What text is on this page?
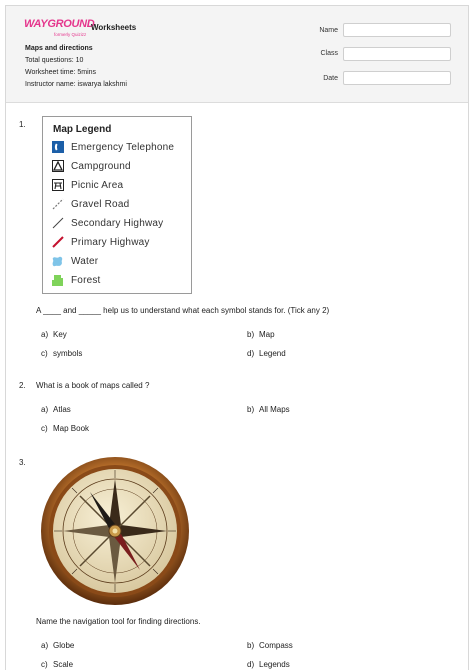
WAYGROUND
formerly Quizizz
Worksheets
Maps and directions
Total questions: 10
Worksheet time: 5mins
Instructor name: iswarya lakshmi
Name
Class
Date
1.	Map Legend
Emergency Telephone
Campground
Picnic Area
Gravel Road
Secondary Highway
Primary Highway
Water
Forest
A ____ and _____ help us to understand what each symbol stands for. (Tick any 2)
a) Key	b) Map
c) symbols	d) Legend
2. What is a book of maps called ?
a) Atlas	b) All Maps
c) Map Book
3.
Name the navigation tool for finding directions.
a) Globe	b) Compass
c) Scale	d) Legends
